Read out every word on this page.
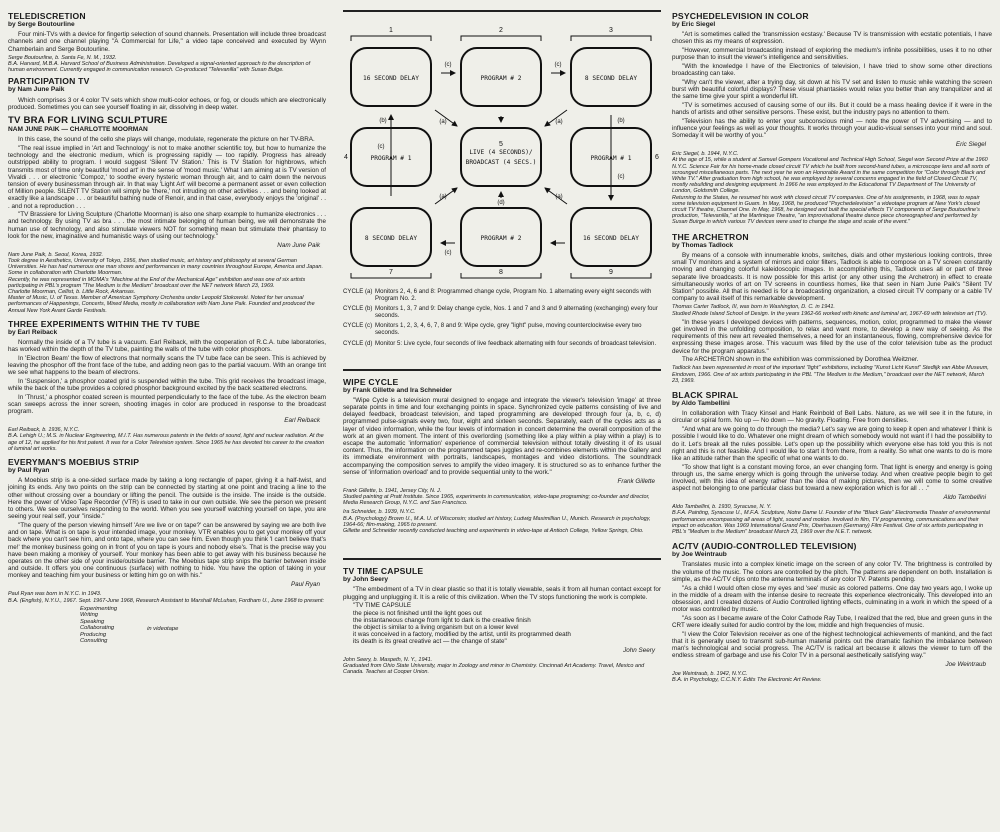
TELEDISCRETION
by Serge Boutourline

Four mini-TVs with a device for fingertip selection of sound channels. Presentation will include three broadcast channels and one channel playing "A Commercial for Life," a video tape conceived and executed by Wynn Chamberlain and Serge Boutourline.

Serge Boutourline, b. Santa Fe, N. M., 1932.
B.A. Harvard, M.B.A. Harvard School of Business Administration. Developed a signal-oriented approach to the description of human environment. Currently engaged in communication research. Co-produced "Televanilla" with Susan Bulge.
PARTICIPATION TV
by Nam June Paik

Which comprises 3 or 4 color TV sets which show multi-color echoes, or fog, or clouds which are electronically produced. Sometimes you can see yourself floating in air, dissolving in deep water.

TV BRA FOR LIVING SCULPTURE
NAM JUNE PAIK — CHARLOTTE MOORMAN

In this case, the sound of the cello she plays will change, modulate, regenerate the picture on her TV-BRA.

"The real issue implied in 'Art and Technology' is not to make another scientific toy, but how to humanize the technology and the electronic medium, which is progressing rapidly — too rapidly. Progress has already outstripped ability to program. I would suggest 'Silent TV Station.' This is TV Station for highbrows, which transmits most of time only beautiful 'mood art' in the sense of 'mood music.' What I am aiming at is TV version of Vivaldi . . . or electronic 'Compoz,' to soothe every hysteric woman through air, and to calm down the nervous tension of every businessman through air. In that way 'Light Art' will become a permanent asset or even collection of Million people. SILENT TV Station will simply be 'there,' not intruding on other activities . . . and being looked at exactly like a landscape . . . or beautiful bathing nude of Renoir, and in that case, everybody enjoys the 'original' . . . and not a reproduction . . .

"TV Brassiere for Living Sculpture (Charlotte Moorman) is also one sharp example to humanize electronics . . . and technology. By using TV as bra . . . the most intimate belonging of human being, we will demonstrate the human use of technology, and also stimulate viewers NOT for something mean but stimulate their phantasy to look for the new, imaginative and humanistic ways of using our technology."

Nam June Paik
Nam June Paik, b. Seoul, Korea, 1932.
Took degree in Aesthetics, University of Tokyo, 1956, then studied music, art history and philosophy at several German Universities. He has had numerous one man shows and performances in many countries throughout Europe, America and Japan. Some in collaboration with Charlotte Moorman.
Recently, he was represented in MOMA's "Machine at the End of the Mechanical Age" exhibition and was one of six artists participating in PBL's program "The Medium is the Medium" broadcast over the NET network March 23, 1969.
Charlotte Moorman, Cellist, b. Little Rock, Arkansas.
Master of Music, U. of Texas. Member of American Symphony Orchestra under Leopold Stokowski. Noted for her unusual performances of Happenings, Concerts, Mixed Media, mostly in collaboration with Nam June Paik. Founded and produced the Annual New York Avant Garde Festivals.
THREE EXPERIMENTS WITHIN THE TV TUBE
by Earl Reiback

Normally the inside of a TV tube is a vacuum. Earl Reiback, with the cooperation of R.C.A. tube laboratories, has worked within the depth of the TV tube, painting the walls of the tube with color phosphors.

In 'Electron Beam' the flow of electrons that normally scans the TV tube face can be seen. This is achieved by leaving the phosphor off the front face of the tube, and adding neon gas to the partial vacuum. With an orange tint we see what happens to the beam of electrons.

In 'Suspension,' a phosphor coated grid is suspended within the tube. This grid receives the broadcast image, while the back of the tube provides a colored phosphor background excited by the back scattered electrons.

In 'Thrust,' a phosphor coated screen is mounted perpendicularly to the face of the tube. As the electron beam scan sweeps across the inner screen, shooting images in color are produced in response to the broadcast program.

Earl Reiback
Earl Reiback, b. 1936, N.Y.C.
B.A. Lehigh U.; M.S. in Nuclear Engineering, M.I.T. Has numerous patents in the fields of sound, light and nuclear radiation. At the age of 12, he applied for his first patent. It was for a Color Television system. Since 1965 he has devoted his career to the creation of luminal art works.
EVERYMAN'S MOEBIUS STRIP
by Paul Ryan

A Moebius strip is a one-sided surface made by taking a long rectangle of paper, giving it a half-twist, and joining its ends. Any two points on the strip can be connected by starting at one point and tracing a line to the other without crossing over a boundary or lifting the pencil. The outside is the inside. The inside is the outside. Here the power of Video Tape Recorder (VTR) is used to take in our own outside. We see the person we present to others. We see ourselves responding to the world. When you see yourself watching yourself on tape, you are seeing your real self, your "inside."

"The query of the person viewing himself 'Are we live or on tape?' can be answered by saying we are both live and on tape. What is on tape is your intended image, your monkey. VTR enables you to get your monkey off your back where you can't see him, and onto tape, where you can see him. Even though you think 'I can't believe that's me!' the monkey business going on in front of you on tape is yours and nobody else's. That is the precise way you have been making a monkey of yourself. Your monkey has been able to get away with his business because he operates on the other side of your inside/outside barrier. The Moebius tape strip snips the barrier between inside and outside. It offers you one continuous (surface) with nothing to hide. You have the option of taking in your monkey and teaching him your business or letting him go on with his."

Paul Ryan
Paul Ryan was born in N.Y.C. in 1943.
B.A. (English), N.Y.U., 1967. Sept. 1967-June 1968, Research Assistant to Marshall McLuhan, Fordham U., June 1968 to present:
Experimenting
Writing
Speaking
Collaborating
Producing
Consulting
in videotape
16 SECOND DELAY	PROGRAM # 2	8 SECOND DELAY
PROGRAM # 1
LIVE (4 SECONDS)/
BROADCAST (4 SECS.)
PROGRAM # 1
8 SECOND DELAY	PROGRAM # 2	16 SECOND DELAY
(c)	(c)
(b)	(a)	(b)
(a)
(c)
(a)
(d)
(c)
(a)
(c)
1	2	3
4
5
6
7	8	9
CYCLE (a) Monitors 2, 4, 6 and 8: Programmed change cycle, Program No. 1 alternating every eight seconds with Program No. 2.
CYCLE (b) Monitors 1, 3, 7 and 9: Delay change cycle, Nos. 1 and 7 and 3 and 9 alternating (exchanging) every four seconds.
CYCLE (c) Monitors 1, 2, 3, 4, 6, 7, 8 and 9: Wipe cycle, grey "light" pulse, moving counterclockwise every two seconds.
CYCLE (d) Monitor 5: Live cycle, four seconds of live feedback alternating with four seconds of broadcast television.
WIPE CYCLE
by Frank Gillette and Ira Schneider

"Wipe Cycle is a television mural designed to engage and integrate the viewer's television 'image' at three separate points in time and four exchanging points in space. Synchronized cycle patterns consisting of live and delayed feedback, broadcast television, and taped programming are developed through four (a, b, c, d) programmed pulse-signals every two, four, eight and sixteen seconds. Separately, each of the cycles acts as a layer of video information, while the four levels of information in concert determine the overall composition of the work at an given moment. The intent of this overlording (something like a play within a play within a play) is to escape the automatic 'information' experience of commercial television without totally divesting it of its usual content. Thus, the information on the programmed tapes juggles and re-combines elements within the Gallery and its immediate environment with portraits, landscapes, montages and video distortions. The soundtrack accompanying the composition serves to amplify the video imagery. It is structured so as to enhance further the sense of 'information overload' and to provide sequential unity to the work."

Frank Gillette
Frank Gillette, b. 1941, Jersey City, N. J.
Studied painting at Pratt Institute. Since 1965, experiments in communication, video-tape programing; co-founder and director, Media Research Group, N.Y.C. and San Francisco.
Ira Schneider, b. 1939, N.Y.C.
B.A. (Psychology) Brown U., M.A. U. of Wisconsin; studied art history, Ludwig Maximillian U., Munich. Research in psychology, 1964-66; film-making, 1965 to present.
Gillette and Schneider recently conducted teaching and experiments in video-tape at Antioch College, Yellow Springs, Ohio.
TV TIME CAPSULE
by John Seery

"The embedment of a TV in clear plastic so that it is totally viewable, seals it from all human contact except for plugging and unplugging it. It is a relic of this civilization. When the TV stops functioning the work is complete.

"TV TIME CAPSULE
the piece is not finished until the light goes out
the instantaneous change from light to dark is the creative finish
the object is similar to a living organism but on a lower level
it was conceived in a factory, modified by the artist, until its programmed death
its death is its great creative act — the change of state"
John Seery
John Seery, b. Maspeth, N. Y., 1941.
Graduated from Ohio State University, major in Zoology and minor in Chemistry. Cincinnati Art Academy. Travel, Mexico and Canada. Teaches at Cooper Union.
PSYCHEDELEVISION IN COLOR
by Eric Siegel

"Art is sometimes called the 'transmission ecstasy.' Because TV is transmission with ecstatic potentials, I have chosen this as my means of expression.

"However, commercial broadcasting instead of exploring the medium's infinite possibilities, uses it to no other purpose than to insult the viewer's intelligence and sensitivities.

"With the knowledge I have of the Electronics of television, I have tried to show some other directions broadcasting can take.

"Why can't the viewer, after a trying day, sit down at his TV set and listen to music while watching the screen burst with beautiful colorful displays? These visual phantasies would relax you better than any tranquilizer and at the same time give your spirit a wonderful lift.

"TV is sometimes accused of causing some of our ills. But it could be a mass healing device if it were in the hands of artists and other sensitive persons. These exist, but the industry pays no attention to them.

"Television has the ability to enter your subconscious mind — note the power of TV advertising — and to influence your feelings as well as your thoughts. It works through your audio-visual senses into your mind and soul. Someday it will be worthy of you."

Eric Siegel
Eric Siegel, b. 1944, N.Y.C.
At the age of 15, while a student at Samuel Gompers Vocational and Technical High School, Siegel won Second Prize at the 1960 N.Y.C. Science Fair for his home-made closed circuit TV which he built from second-hand tubes, a microscope lens and all sorts of scrounged miscellaneous parts. The next year he won an Honorable Award in the same competition for "Color through Black and White TV." After graduation from high school, he was employed by several concerns engaged in the field of Closed Circuit TV, mostly rebuilding and designing equipment. In 1966 he was employed in the Educational TV Department of The University of London, Goldsmith College.
Returning to the States, he resumed his work with closed circuit TV companies. One of his assignments, in 1968, was to repair some television equipment in Guam. In May, 1968, he produced "Psychedelevision" a videotape program at New York's closed circuit TV theatre, Channel One. In May, 1968, he designed and built the special effects TV components of Serge Boutourline's production, "Televanilla," at the Martinique Theatre, "an improvisational theatre dance piece choreographed and performed by Susan Buirge in which various TV devices were used to change the stage and scale of the event."
THE ARCHETRON
by Thomas Tadlock

By means of a console with innumerable knobs, switches, dials and other mysterious looking controls, three small TV monitors and a system of mirrors and color filters, Tadlock is able to compose on a TV screen constantly moving and changing colorful kaleidoscopic images. In accomplishing this, Tadlock uses all or part of three separate live broadcasts. It is now possible for this artist (or any other using the Archetron) in effect to create simultaneously works of art on TV screens in countless homes, like that seen in Nam June Paik's "Silent TV Station" possible. All that is needed is for a broadcasting organization, a closed circuit TV company or a cable TV company to avail itself of this remarkable development.

Thomas Carter Tadlock, III, was born in Washington, D. C. in 1941.
Studied Rhode Island School of Design. In the years 1962-66 worked with kinetic and luminal art, 1967-69 with television art (TV).

"In these years I developed devices with patterns, sequences, motion, color, programmed to make the viewer get involved in the unfolding composition, to relax and want more, to develop a new way of seeing. As the requirements of this new art revealed themselves, a need for an instantaneous, flowing, comprehensive device for expressing these images arose. This vacuum was filled by the use of the color television tube as the product device for the program apparatus."

The ARCHETRON shown in the exhibition was commissioned by Dorothea Weitzner.

Tadlock has been represented in most of the important "light" exhibitions, including "Kunst Licht Kunst" Stedlijk van Abbe Museum, Eindoven, 1966. One of six artists participating in the PBL "The Medium is the Medium," broadcast over the NET network, March 23, 1969.
BLACK SPIRAL
by Aldo Tambellini

In collaboration with Tracy Kinsel and Hank Reinbold of Bell Labs. Nature, as we will see it in the future, in circular or spiral form. No up — No down — No gravity. Floating. Free from densities.

"And what are we going to do through the media? Let's say we are going to keep it open and whatever I think is possible I would like to do. Whatever one might dream of which somebody would not want if I had the possibility to do it. Let's break all the rules possible. Let's open up the possibility which everyone else has told you this is not right and this is not feasible. And I would like to start it from there, from a reality. So what one wants to do is more like an attitude rather than the specific of what one wants to do.

"To show that light is a constant moving force, an ever changing form. That light is energy and energy is going through us, the same energy which is going through the universe today. And when creative people begin to get involved, with this idea of energy rather than the idea of making pictures, then we will come to some creative aspect not belonging to one particular class but toward a new exploration which is for all . . ."

Aldo Tambellini
Aldo Tambellini, b. 1930, Syracuse, N. Y.
B.F.A. Painting, Syracuse U., M.F.A. Sculpture, Notre Dame U. Founder of the "Black Gate" Electromedia Theater of environmental performances encompassing all areas of light, sound and motion. Involved in film, TV programming, communications and their impact on education. Was 1969 International Grand Prix, Oberhausen (Germany) Film Festival. One of six artists participating in PBL's "Medium is the Medium" broadcast March 23, 1969 over the N.E.T. network.
AC/TV (AUDIO-CONTROLLED TELEVISION)
by Joe Weintraub

Translates music into a complex kinetic image on the screen of any color TV. The brightness is controlled by the volume of the music. The colors are controlled by the pitch. The patterns are dependent on both. Installation is simple, as the AC/TV clips onto the antenna terminals of any color TV. Patents pending.

"As a child I would often close my eyes and 'see' music as colored patterns. One day two years ago, I woke up in the middle of a dream with the intense desire to recreate this experience electronically. This developed into an obsession, and I created dozens of Audio Controlled lighting effects, culminating in a work in which the speed of a motor was controlled by music.

"As soon as I became aware of the Color Cathode Ray Tube, I realized that the red, blue and green guns in the CRT were ideally suited for audio control by the low, middle and high frequencies of music.

"I view the Color Television receiver as one of the highest technological achievements of mankind, and the fact that it is generally used to transmit sub-human material points out the dramatic fashion the imbalance between man's technological and social progress. The AC/TV is radical art because it allows the viewer to turn off the endless stream of garbage and use his Color TV in a personal aesthetically satisfying way."

Joe Weintraub
Joe Weintraub, b. 1942, N.Y.C.
B.A. in Psychology, C.C.N.Y. Edits The Electronic Art Review.
